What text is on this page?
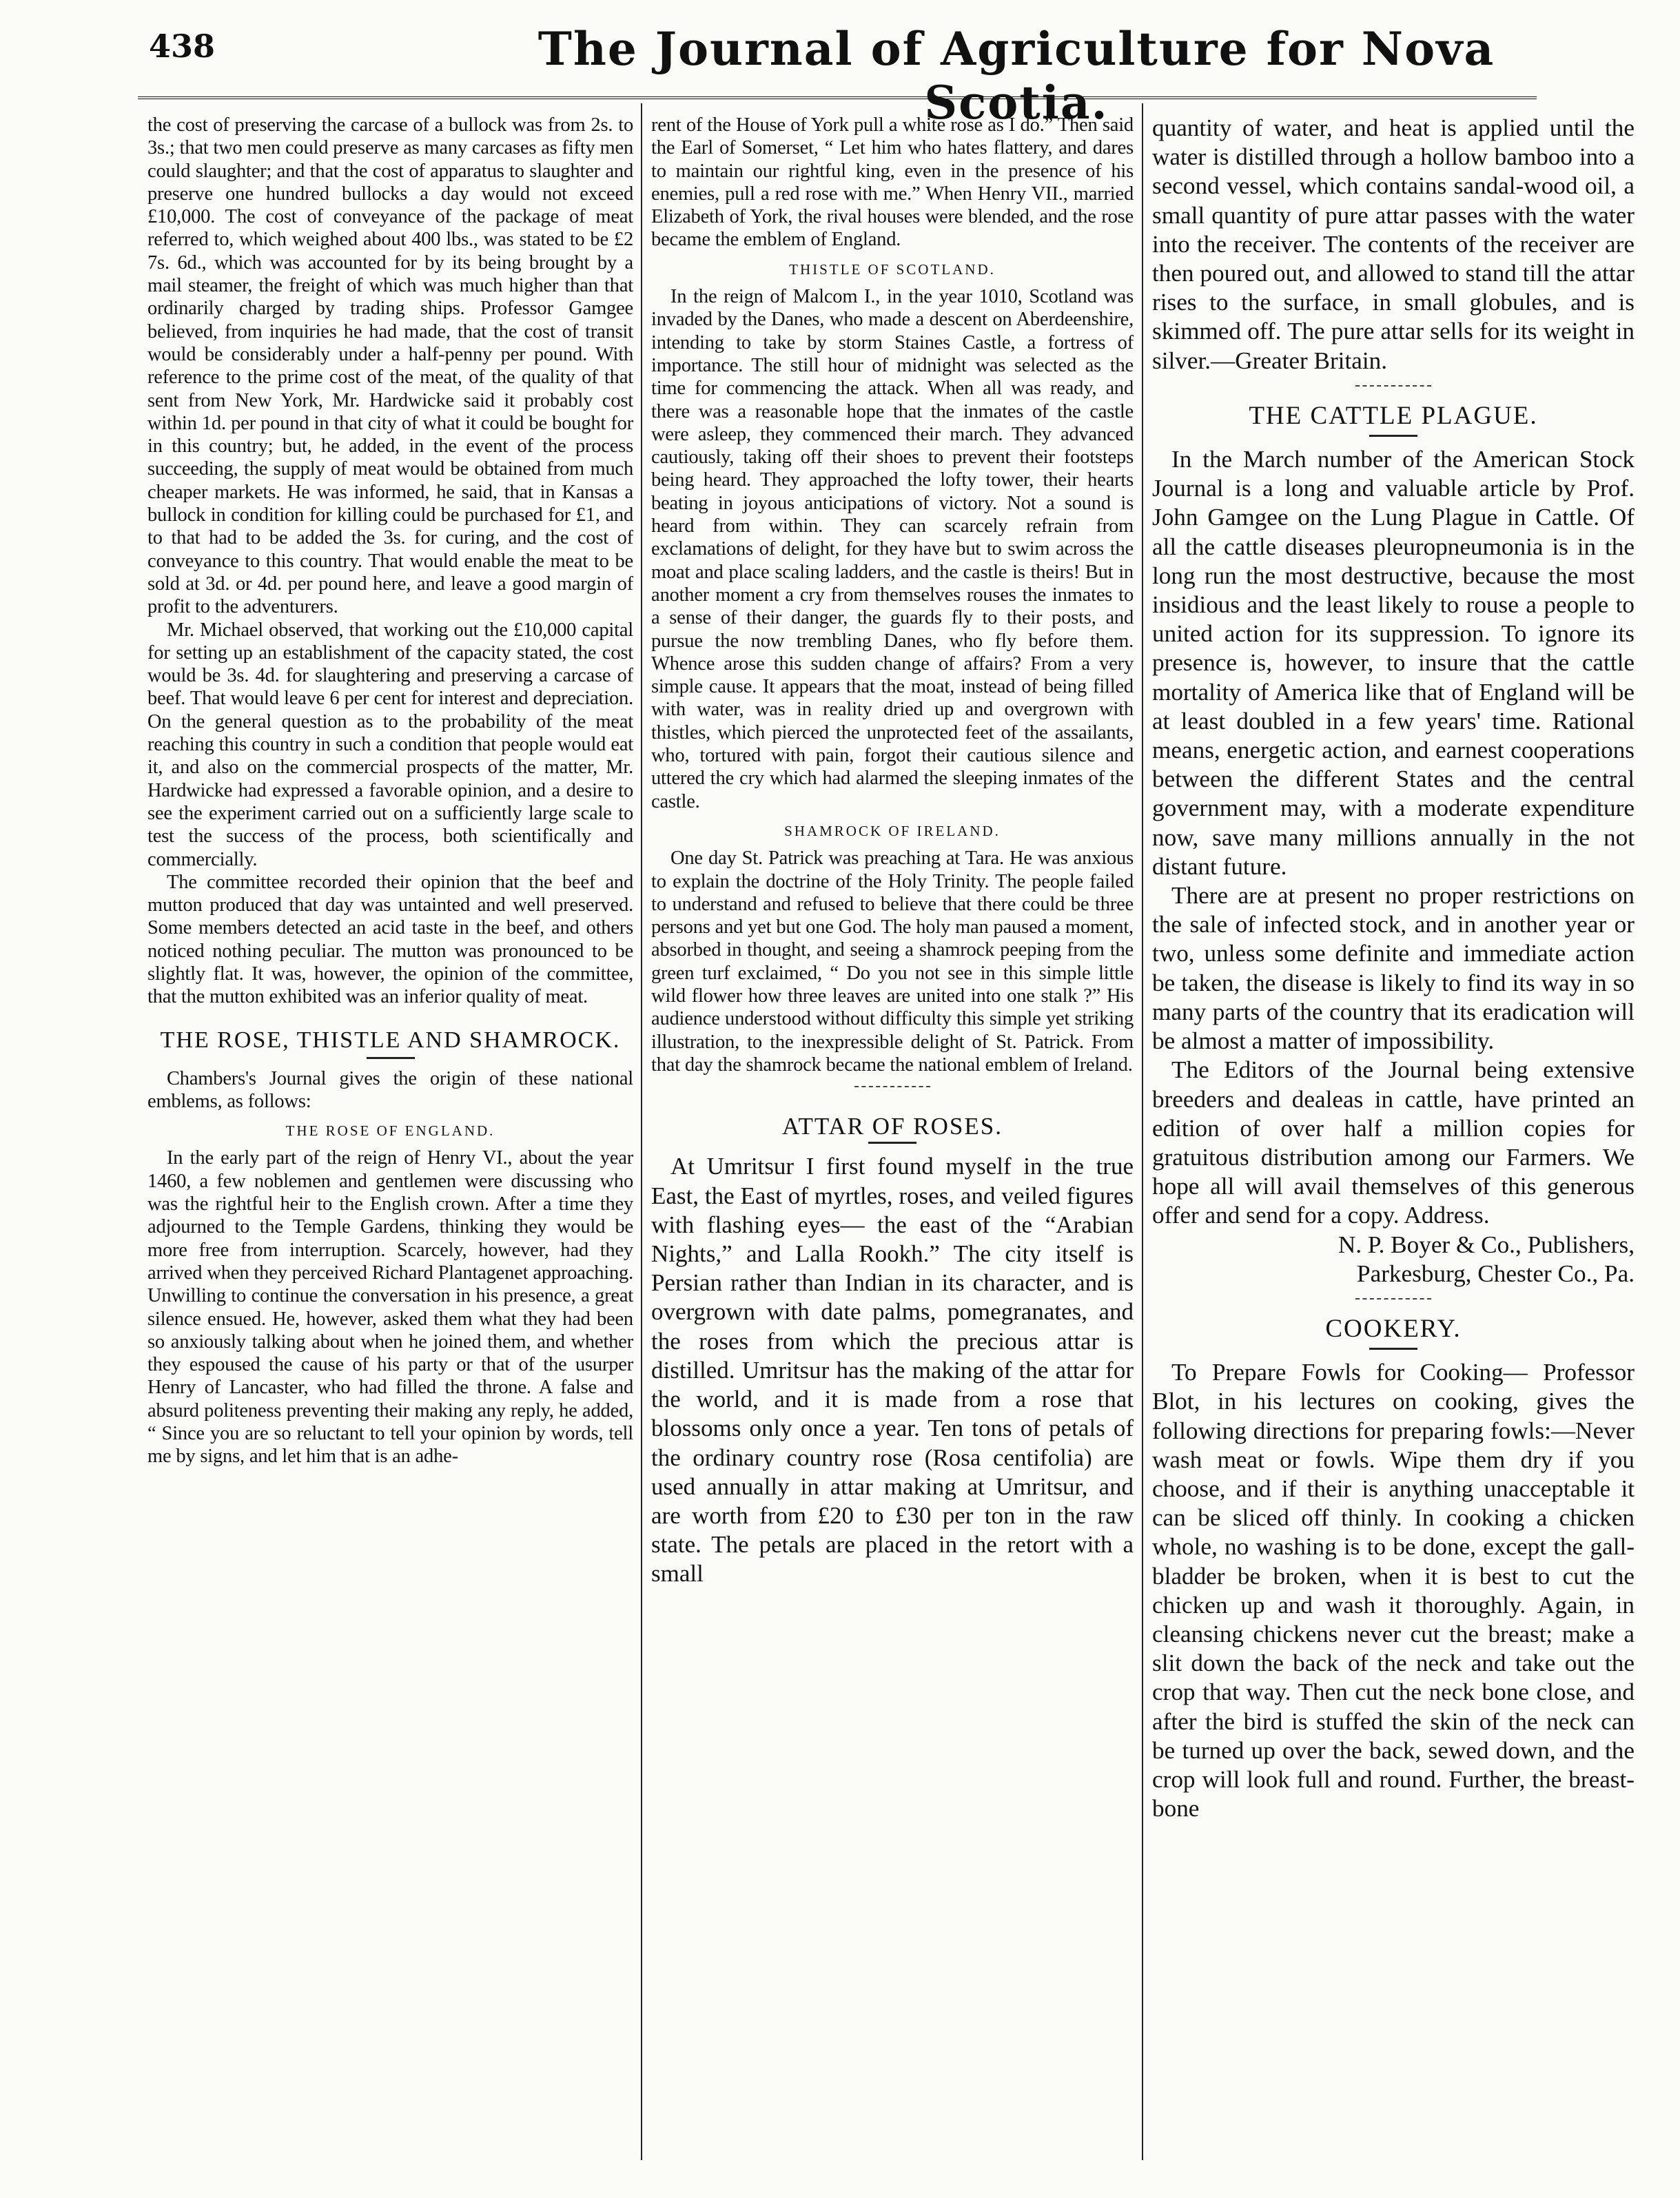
438	The Journal of Agriculture for Nova Scotia.

the cost of preserving the carcase of a bullock was from 2s. to 3s.; that two men could preserve as many carcases as fifty men could slaughter; and that the cost of apparatus to slaughter and preserve one hundred bullocks a day would not exceed £10,000. The cost of conveyance of the package of meat referred to, which weighed about 400 lbs., was stated to be £2 7s. 6d., which was accounted for by its being brought by a mail steamer, the freight of which was much higher than that ordinarily charged by trading ships. Professor Gamgee believed, from inquiries he had made, that the cost of transit would be considerably under a half-penny per pound. With reference to the prime cost of the meat, of the quality of that sent from New York, Mr. Hardwicke said it probably cost within 1d. per pound in that city of what it could be bought for in this country; but, he added, in the event of the process succeeding, the supply of meat would be obtained from much cheaper markets. He was informed, he said, that in Kansas a bullock in condition for killing could be purchased for £1, and to that had to be added the 3s. for curing, and the cost of conveyance to this country. That would enable the meat to be sold at 3d. or 4d. per pound here, and leave a good margin of profit to the adventurers.

Mr. Michael observed, that working out the £10,000 capital for setting up an establishment of the capacity stated, the cost would be 3s. 4d. for slaughtering and preserving a carcase of beef. That would leave 6 per cent for interest and depreciation. On the general question as to the probability of the meat reaching this country in such a condition that people would eat it, and also on the commercial prospects of the matter, Mr. Hardwicke had expressed a favorable opinion, and a desire to see the experiment carried out on a sufficiently large scale to test the success of the process, both scientifically and commercially.

The committee recorded their opinion that the beef and mutton produced that day was untainted and well preserved. Some members detected an acid taste in the beef, and others noticed nothing peculiar. The mutton was pronounced to be slightly flat. It was, however, the opinion of the committee, that the mutton exhibited was an inferior quality of meat.

THE ROSE, THISTLE AND SHAMROCK.

Chambers's Journal gives the origin of these national emblems, as follows:

THE ROSE OF ENGLAND.

In the early part of the reign of Henry VI., about the year 1460, a few noblemen and gentlemen were discussing who was the rightful heir to the English crown. After a time they adjourned to the Temple Gardens, thinking they would be more free from interruption. Scarcely, however, had they arrived when they perceived Richard Plantagenet approaching. Unwilling to continue the conversation in his presence, a great silence ensued. He, however, asked them what they had been so anxiously talking about when he joined them, and whether they espoused the cause of his party or that of the usurper Henry of Lancaster, who had filled the throne. A false and absurd politeness preventing their making any reply, he added, “ Since you are so reluctant to tell your opinion by words, tell me by signs, and let him that is an adhe-

rent of the House of York pull a white rose as I do.” Then said the Earl of Somerset, “ Let him who hates flattery, and dares to maintain our rightful king, even in the presence of his enemies, pull a red rose with me.” When Henry VII., married Elizabeth of York, the rival houses were blended, and the rose became the emblem of England.

THISTLE OF SCOTLAND.

In the reign of Malcom I., in the year 1010, Scotland was invaded by the Danes, who made a descent on Aberdeenshire, intending to take by storm Staines Castle, a fortress of importance. The still hour of midnight was selected as the time for commencing the attack. When all was ready, and there was a reasonable hope that the inmates of the castle were asleep, they commenced their march. They advanced cautiously, taking off their shoes to prevent their footsteps being heard. They approached the lofty tower, their hearts beating in joyous anticipations of victory. Not a sound is heard from within. They can scarcely refrain from exclamations of delight, for they have but to swim across the moat and place scaling ladders, and the castle is theirs! But in another moment a cry from themselves rouses the inmates to a sense of their danger, the guards fly to their posts, and pursue the now trembling Danes, who fly before them. Whence arose this sudden change of affairs? From a very simple cause. It appears that the moat, instead of being filled with water, was in reality dried up and overgrown with thistles, which pierced the unprotected feet of the assailants, who, tortured with pain, forgot their cautious silence and uttered the cry which had alarmed the sleeping inmates of the castle.

SHAMROCK OF IRELAND.

One day St. Patrick was preaching at Tara. He was anxious to explain the doctrine of the Holy Trinity. The people failed to understand and refused to believe that there could be three persons and yet but one God. The holy man paused a moment, absorbed in thought, and seeing a shamrock peeping from the green turf exclaimed, “ Do you not see in this simple little wild flower how three leaves are united into one stalk ?” His audience understood without difficulty this simple yet striking illustration, to the inexpressible delight of St. Patrick. From that day the shamrock became the national emblem of Ireland.

ATTAR OF ROSES.

At Umritsur I first found myself in the true East, the East of myrtles, roses, and veiled figures with flashing eyes— the east of the “Arabian Nights,” and Lalla Rookh.” The city itself is Persian rather than Indian in its character, and is overgrown with date palms, pomegranates, and the roses from which the precious attar is distilled. Umritsur has the making of the attar for the world, and it is made from a rose that blossoms only once a year. Ten tons of petals of the ordinary country rose (Rosa centifolia) are used annually in attar making at Umritsur, and are worth from £20 to £30 per ton in the raw state. The petals are placed in the retort with a small

quantity of water, and heat is applied until the water is distilled through a hollow bamboo into a second vessel, which contains sandal-wood oil, a small quantity of pure attar passes with the water into the receiver. The contents of the receiver are then poured out, and allowed to stand till the attar rises to the surface, in small globules, and is skimmed off. The pure attar sells for its weight in silver.—Greater Britain.

THE CATTLE PLAGUE.

In the March number of the American Stock Journal is a long and valuable article by Prof. John Gamgee on the Lung Plague in Cattle. Of all the cattle diseases pleuropneumonia is in the long run the most destructive, because the most insidious and the least likely to rouse a people to united action for its suppression. To ignore its presence is, however, to insure that the cattle mortality of America like that of England will be at least doubled in a few years' time. Rational means, energetic action, and earnest cooperations between the different States and the central government may, with a moderate expenditure now, save many millions annually in the not distant future.

There are at present no proper restrictions on the sale of infected stock, and in another year or two, unless some definite and immediate action be taken, the disease is likely to find its way in so many parts of the country that its eradication will be almost a matter of impossibility.

The Editors of the Journal being extensive breeders and dealeas in cattle, have printed an edition of over half a million copies for gratuitous distribution among our Farmers. We hope all will avail themselves of this generous offer and send for a copy. Address.

N. P. Boyer & Co., Publishers,

Parkesburg, Chester Co., Pa.

COOKERY.

To Prepare Fowls for Cooking— Professor Blot, in his lectures on cooking, gives the following directions for preparing fowls:—Never wash meat or fowls. Wipe them dry if you choose, and if their is anything unacceptable it can be sliced off thinly. In cooking a chicken whole, no washing is to be done, except the gall-bladder be broken, when it is best to cut the chicken up and wash it thoroughly. Again, in cleansing chickens never cut the breast; make a slit down the back of the neck and take out the crop that way. Then cut the neck bone close, and after the bird is stuffed the skin of the neck can be turned up over the back, sewed down, and the crop will look full and round. Further, the breast-bone
